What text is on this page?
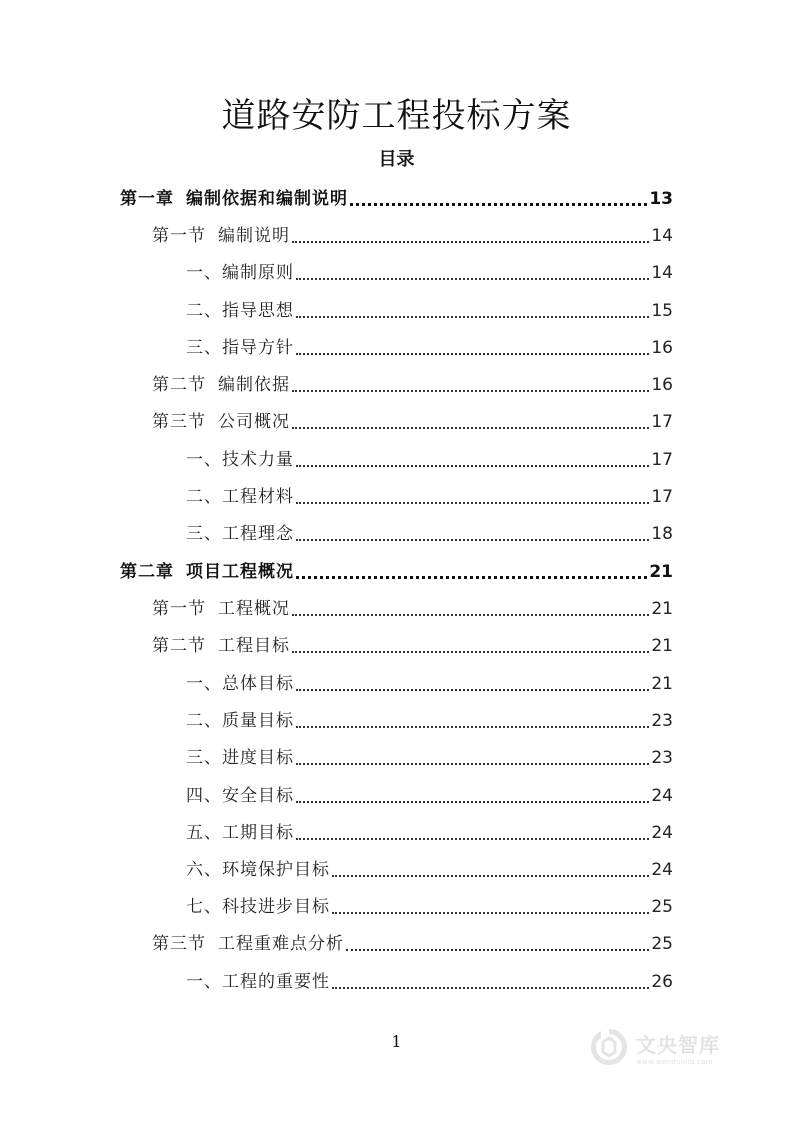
道路安防工程投标方案
目录
第一章 编制依据和编制说明	13
第一节 编制说明	14
一、编制原则	14
二、指导思想	15
三、指导方针	16
第二节 编制依据	16
第三节 公司概况	17
一、技术力量	17
二、工程材料	17
三、工程理念	18
第二章 项目工程概况	21
第一节 工程概况	21
第二节 工程目标	21
一、总体目标	21
二、质量目标	23
三、进度目标	23
四、安全目标	24
五、工期目标	24
六、环境保护目标	24
七、科技进步目标	25
第三节 工程重难点分析	25
一、工程的重要性	26
1	文央智库
www.wenduolib.com
